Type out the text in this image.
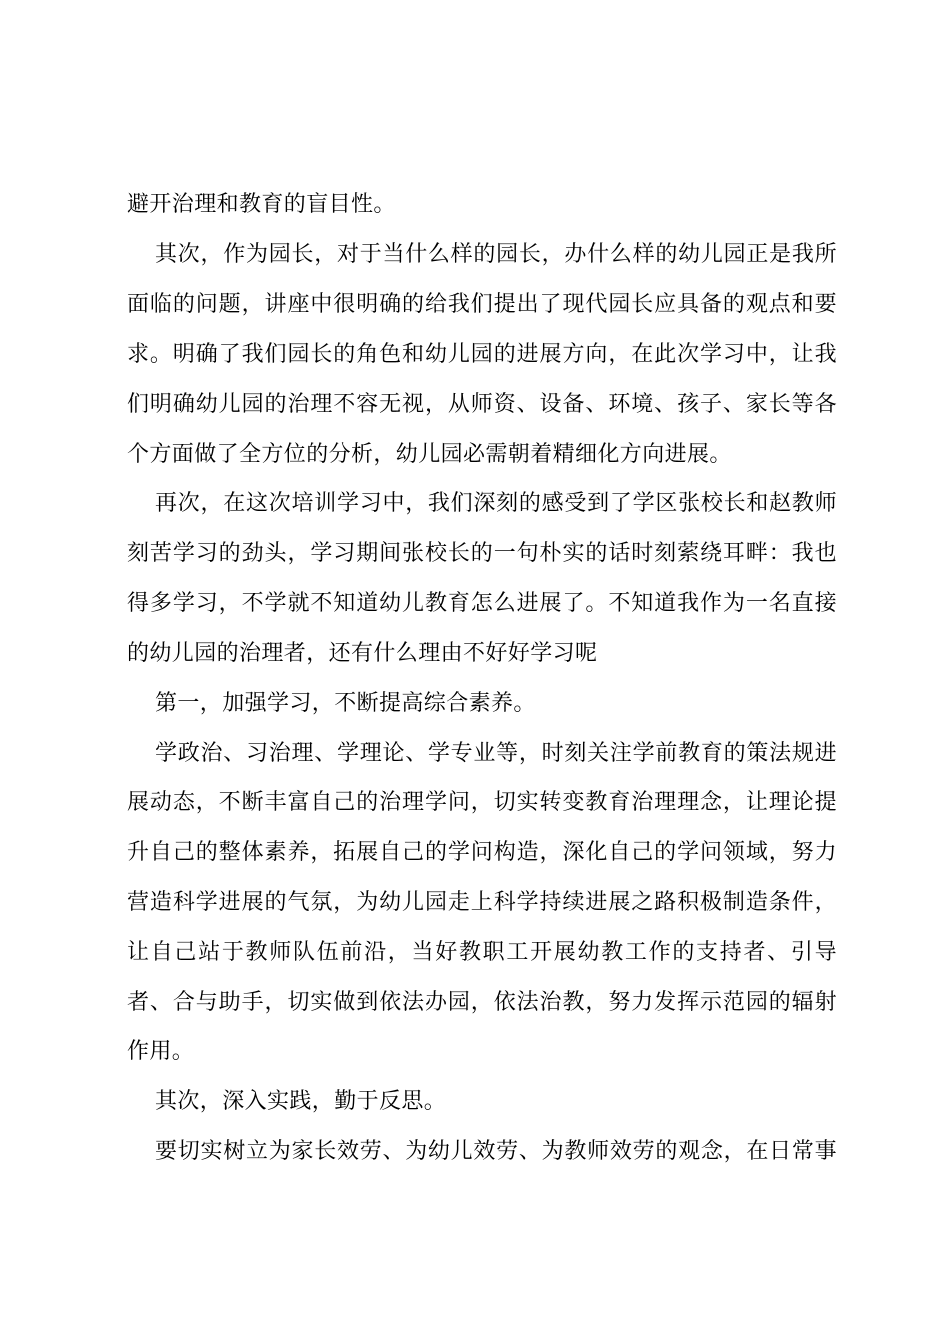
避开治理和教育的盲目性。
其次，作为园长，对于当什么样的园长，办什么样的幼儿园正是我所
面临的问题，讲座中很明确的给我们提出了现代园长应具备的观点和要
求。明确了我们园长的角色和幼儿园的进展方向，在此次学习中，让我
们明确幼儿园的治理不容无视，从师资、设备、环境、孩子、家长等各
个方面做了全方位的分析，幼儿园必需朝着精细化方向进展。
再次，在这次培训学习中，我们深刻的感受到了学区张校长和赵教师
刻苦学习的劲头，学习期间张校长的一句朴实的话时刻萦绕耳畔：我也
得多学习，不学就不知道幼儿教育怎么进展了。不知道我作为一名直接
的幼儿园的治理者，还有什么理由不好好学习呢
第一，加强学习，不断提高综合素养。
学政治、习治理、学理论、学专业等，时刻关注学前教育的策法规进
展动态，不断丰富自己的治理学问，切实转变教育治理理念，让理论提
升自己的整体素养，拓展自己的学问构造，深化自己的学问领域，努力
营造科学进展的气氛，为幼儿园走上科学持续进展之路积极制造条件，
让自己站于教师队伍前沿，当好教职工开展幼教工作的支持者、引导
者、合与助手，切实做到依法办园，依法治教，努力发挥示范园的辐射
作用。
其次，深入实践，勤于反思。
要切实树立为家长效劳、为幼儿效劳、为教师效劳的观念，在日常事
